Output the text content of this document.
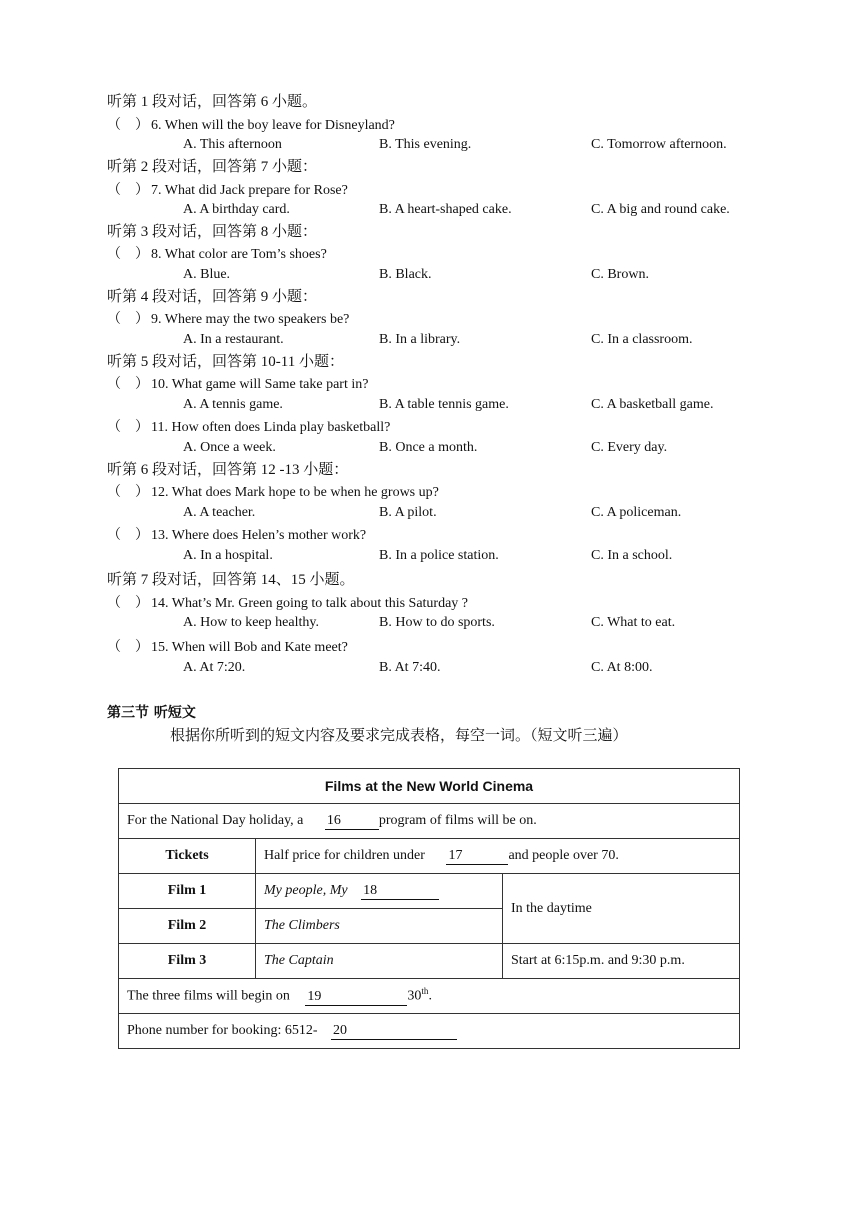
听第 1 段对话，回答第 6 小题。
（　） 6. When will the boy leave for Disneyland?
A. This afternoon	B. This evening.	C. Tomorrow afternoon.
听第 2 段对话，回答第 7 小题：
（　） 7. What did Jack prepare for Rose?
A. A birthday card.	B. A heart-shaped cake.	C. A big and round cake.
听第 3 段对话，回答第 8 小题：
（　） 8. What color are Tom’s shoes?
A. Blue.	B. Black.	C. Brown.
听第 4 段对话，回答第 9 小题：
（　） 9. Where may the two speakers be?
A. In a restaurant.	B. In a library.	C. In a classroom.
听第 5 段对话，回答第 10-11 小题：
（　） 10. What game will Same take part in?
A. A tennis game.	B. A table tennis game.	C. A basketball game.
（　） 11. How often does Linda play basketball?
A. Once a week.	B. Once a month.	C. Every day.
听第 6 段对话，回答第 12 -13 小题：
（　） 12. What does Mark hope to be when he grows up?
A. A teacher.	B. A pilot.	C. A policeman.
（　） 13. Where does Helen’s mother work?
A. In a hospital.	B. In a police station.	C. In a school.
听第 7 段对话，回答第 14、15 小题。
（　） 14. What’s Mr. Green going to talk about this Saturday ?
A. How to keep healthy.	B. How to do sports.	C. What to eat.
（　） 15. When will Bob and Kate meet?
A. At 7:20.	B. At 7:40.	C. At 8:00.
第三节 听短文
根据你所听到的短文内容及要求完成表格，每空一词。（短文听三遍）
Films at the New World Cinema		
For the National Day holiday, a 16 program of films will be on.		
Tickets	Half price for children under 17 and people over 70.	
Film 1	My people, My 18	In the daytime
Film 2	The Climbers	
Film 3	The Captain	Start at 6:15p.m. and 9:30 p.m.
The three films will begin on 19 30th.		
Phone number for booking: 6512- 20		
